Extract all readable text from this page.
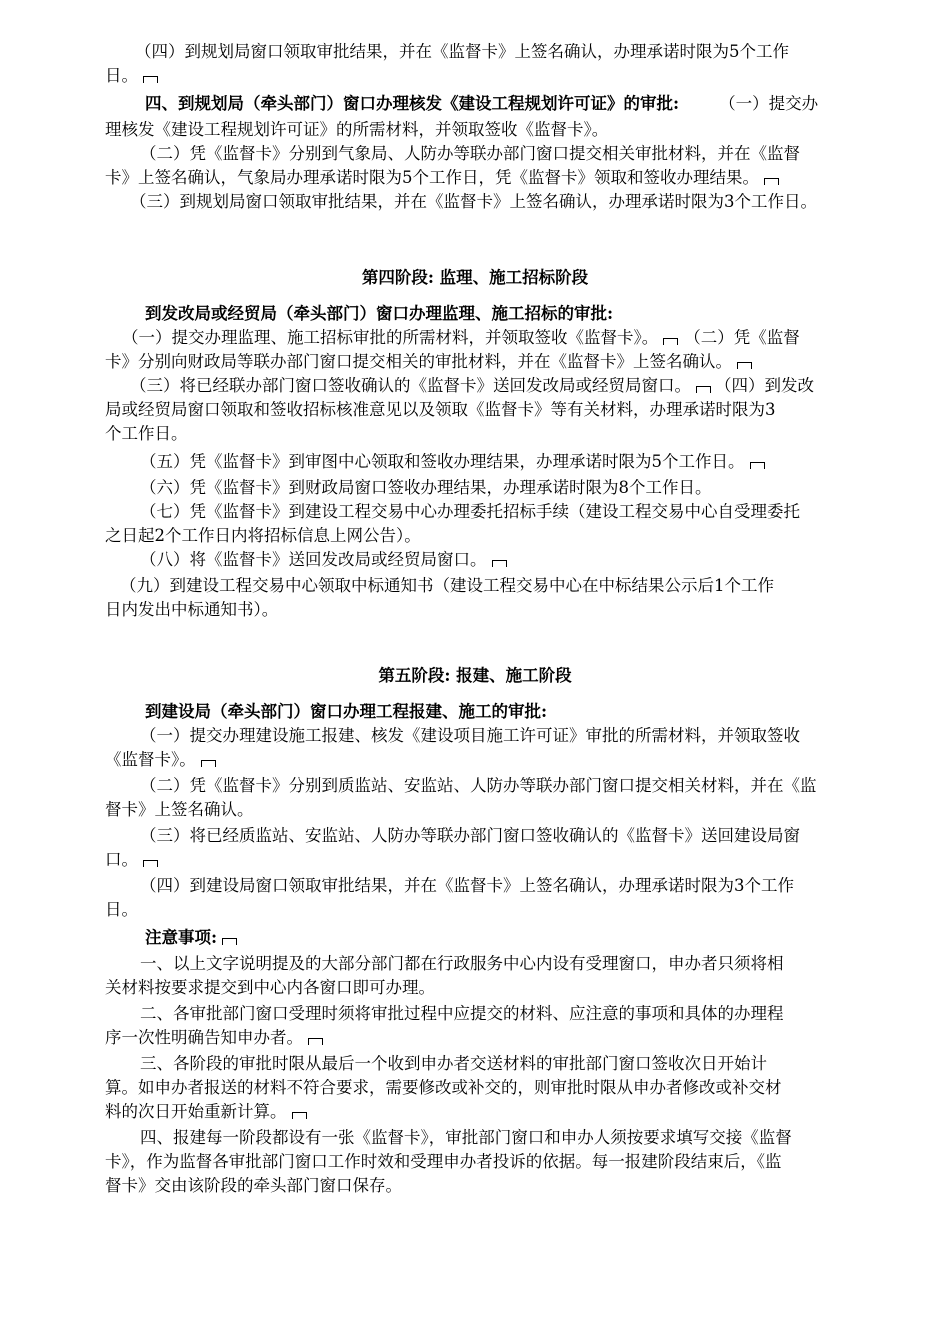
（四）到规划局窗口领取审批结果，并在《监督卡》上签名确认，办理承诺时限为5个工作
日。
四、到规划局（牵头部门）窗口办理核发《建设工程规划许可证》的审批: （一）提交办
理核发《建设工程规划许可证》的所需材料，并领取签收《监督卡》。
（二）凭《监督卡》分别到气象局、人防办等联办部门窗口提交相关审批材料，并在《监督
卡》上签名确认，气象局办理承诺时限为5个工作日，凭《监督卡》领取和签收办理结果。
（三）到规划局窗口领取审批结果，并在《监督卡》上签名确认，办理承诺时限为3个工作日。
第四阶段: 监理、施工招标阶段
到发改局或经贸局（牵头部门）窗口办理监理、施工招标的审批:
（一）提交办理监理、施工招标审批的所需材料，并领取签收《监督卡》。 （二）凭《监督
卡》分别向财政局等联办部门窗口提交相关的审批材料，并在《监督卡》上签名确认。
（三）将已经联办部门窗口签收确认的《监督卡》送回发改局或经贸局窗口。 （四）到发改
局或经贸局窗口领取和签收招标核准意见以及领取《监督卡》等有关材料，办理承诺时限为3
个工作日。
（五）凭《监督卡》到审图中心领取和签收办理结果，办理承诺时限为5个工作日。
（六）凭《监督卡》到财政局窗口签收办理结果，办理承诺时限为8个工作日。
（七）凭《监督卡》到建设工程交易中心办理委托招标手续（建设工程交易中心自受理委托
之日起2个工作日内将招标信息上网公告）。
（八）将《监督卡》送回发改局或经贸局窗口。
（九）到建设工程交易中心领取中标通知书（建设工程交易中心在中标结果公示后1个工作
日内发出中标通知书）。
第五阶段: 报建、施工阶段
到建设局（牵头部门）窗口办理工程报建、施工的审批:
（一）提交办理建设施工报建、核发《建设项目施工许可证》审批的所需材料，并领取签收
《监督卡》。
（二）凭《监督卡》分别到质监站、安监站、人防办等联办部门窗口提交相关材料，并在《监
督卡》上签名确认。
（三）将已经质监站、安监站、人防办等联办部门窗口签收确认的《监督卡》送回建设局窗
口。
（四）到建设局窗口领取审批结果，并在《监督卡》上签名确认，办理承诺时限为3个工作
日。
注意事项:
一、以上文字说明提及的大部分部门都在行政服务中心内设有受理窗口，申办者只须将相
关材料按要求提交到中心内各窗口即可办理。
二、各审批部门窗口受理时须将审批过程中应提交的材料、应注意的事项和具体的办理程
序一次性明确告知申办者。
三、各阶段的审批时限从最后一个收到申办者交送材料的审批部门窗口签收次日开始计
算。如申办者报送的材料不符合要求，需要修改或补交的，则审批时限从申办者修改或补交材
料的次日开始重新计算。
四、报建每一阶段都设有一张《监督卡》，审批部门窗口和申办人须按要求填写交接《监督
卡》，作为监督各审批部门窗口工作时效和受理申办者投诉的依据。每一报建阶段结束后，《监
督卡》交由该阶段的牵头部门窗口保存。
